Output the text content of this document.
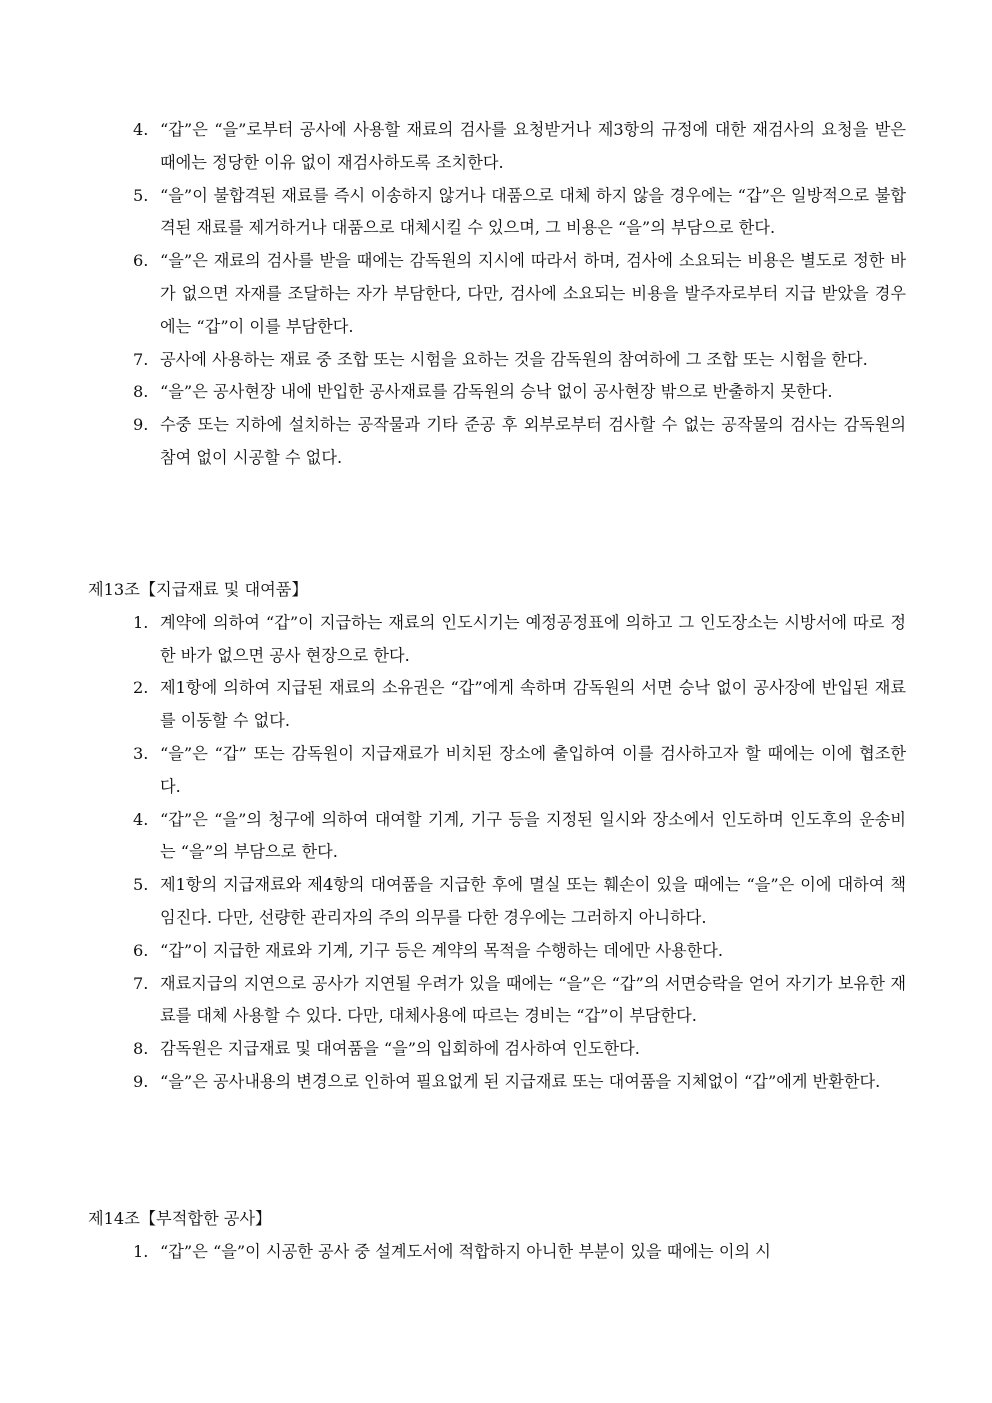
4. “갑”은 “을”로부터 공사에 사용할 재료의 검사를 요청받거나 제3항의 규정에 대한 재검사의 요청을 받은 때에는 정당한 이유 없이 재검사하도록 조치한다.
5. “을”이 불합격된 재료를 즉시 이송하지 않거나 대품으로 대체 하지 않을 경우에는 “갑”은 일방적으로 불합격된 재료를 제거하거나 대품으로 대체시킬 수 있으며, 그 비용은 “을”의 부담으로 한다.
6. “을”은 재료의 검사를 받을 때에는 감독원의 지시에 따라서 하며, 검사에 소요되는 비용은 별도로 정한 바가 없으면 자재를 조달하는 자가 부담한다, 다만, 검사에 소요되는 비용을 발주자로부터 지급 받았을 경우에는 “갑”이 이를 부담한다.
7. 공사에 사용하는 재료 중 조합 또는 시험을 요하는 것을 감독원의 참여하에 그 조합 또는 시험을 한다.
8. “을”은 공사현장 내에 반입한 공사재료를 감독원의 승낙 없이 공사현장 밖으로 반출하지 못한다.
9. 수중 또는 지하에 설치하는 공작물과 기타 준공 후 외부로부터 검사할 수 없는 공작물의 검사는 감독원의 참여 없이 시공할 수 없다.

제13조【지급재료 및 대여품】

1. 계약에 의하여 “갑”이 지급하는 재료의 인도시기는 예정공정표에 의하고 그 인도장소는 시방서에 따로 정한 바가 없으면 공사 현장으로 한다.
2. 제1항에 의하여 지급된 재료의 소유권은 “갑”에게 속하며 감독원의 서면 승낙 없이 공사장에 반입된 재료를 이동할 수 없다.
3. “을”은 “갑” 또는 감독원이 지급재료가 비치된 장소에 출입하여 이를 검사하고자 할 때에는 이에 협조한다.
4. “갑”은 “을”의 청구에 의하여 대여할 기계, 기구 등을 지정된 일시와 장소에서 인도하며 인도후의 운송비는 “을”의 부담으로 한다.
5. 제1항의 지급재료와 제4항의 대여품을 지급한 후에 멸실 또는 훼손이 있을 때에는 “을”은 이에 대하여 책임진다. 다만, 선량한 관리자의 주의 의무를 다한 경우에는 그러하지 아니하다.
6. “갑”이 지급한 재료와 기계, 기구 등은 계약의 목적을 수행하는 데에만 사용한다.
7. 재료지급의 지연으로 공사가 지연될 우려가 있을 때에는 “을”은 “갑”의 서면승락을 얻어 자기가 보유한 재료를 대체 사용할 수 있다. 다만, 대체사용에 따르는 경비는 “갑”이 부담한다.
8. 감독원은 지급재료 및 대여품을 “을”의 입회하에 검사하여 인도한다.
9. “을”은 공사내용의 변경으로 인하여 필요없게 된 지급재료 또는 대여품을 지체없이 “갑”에게 반환한다.

제14조【부적합한 공사】

1. “갑”은 “을”이 시공한 공사 중 설계도서에 적합하지 아니한 부분이 있을 때에는 이의 시
